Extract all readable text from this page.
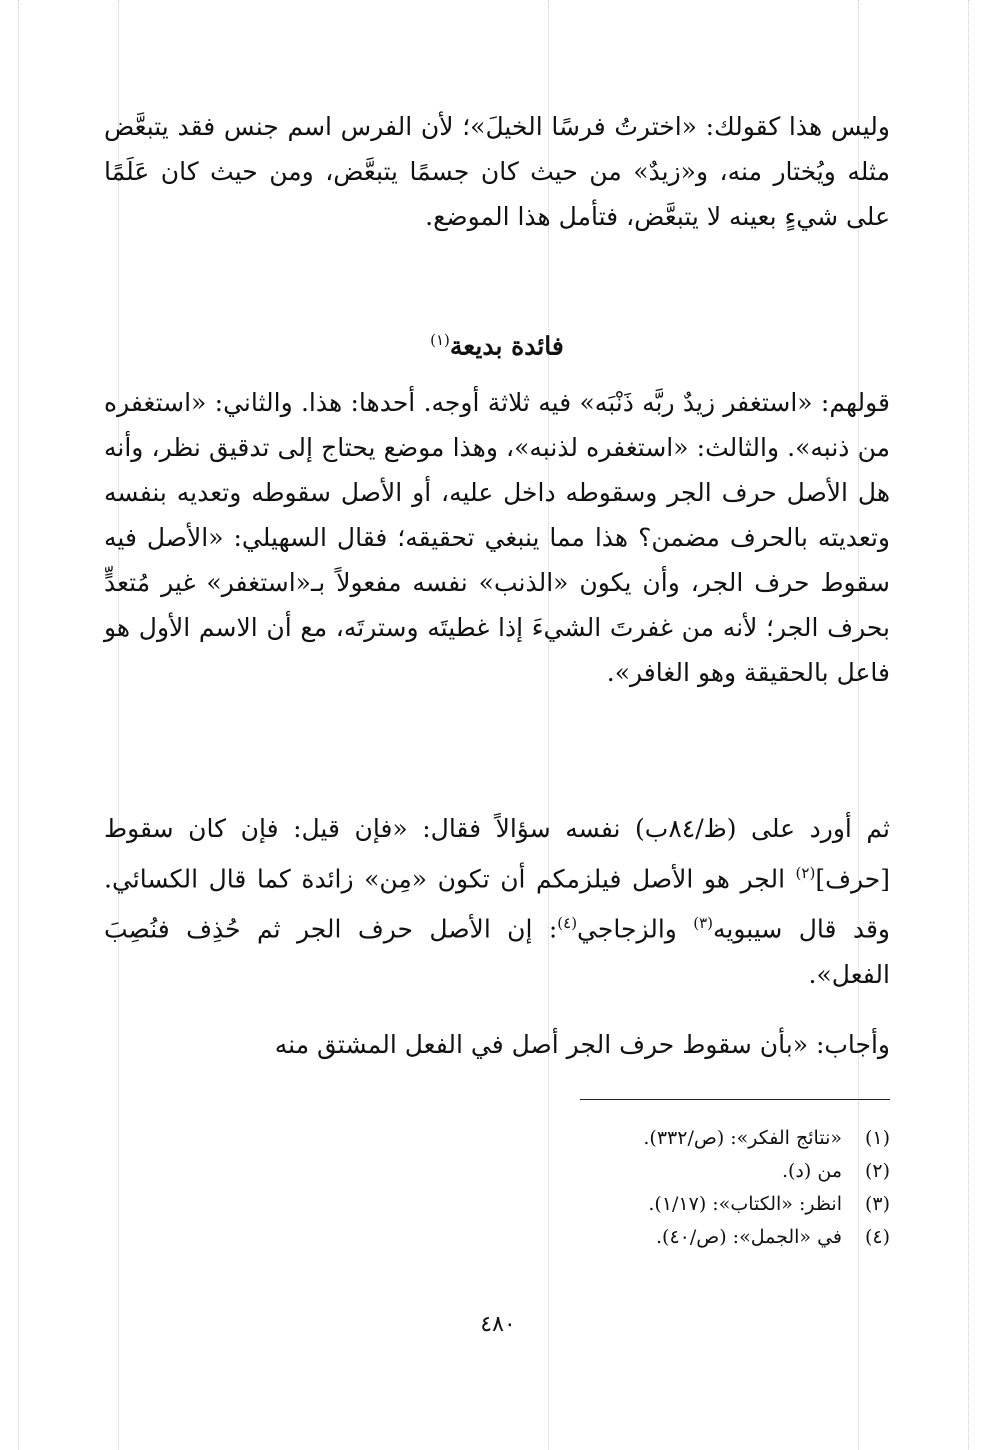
وليس هذا كقولك: «اخترتُ فرسًا الخيلَ»؛ لأن الفرس اسم جنس فقد يتبعَّض مثله ويُختار منه، و«زيدٌ» من حيث كان جسمًا يتبعَّض، ومن حيث كان عَلَمًا على شيءٍ بعينه لا يتبعَّض، فتأمل هذا الموضع.

فائدة بديعة$^{(١)}$

قولهم: «استغفر زيدٌ ربَّه ذَنْبَه» فيه ثلاثة أوجه. أحدها: هذا. والثاني: «استغفره من ذنبه». والثالث: «استغفره لذنبه»، وهذا موضع يحتاج إلى تدقيق نظر، وأنه هل الأصل حرف الجر وسقوطه داخل عليه، أو الأصل سقوطه وتعديه بنفسه وتعديته بالحرف مضمن؟ هذا مما ينبغي تحقيقه؛ فقال السهيلي: «الأصل فيه سقوط حرف الجر، وأن يكون «الذنب» نفسه مفعولاً بـ«استغفر» غير مُتعدٍّ بحرف الجر؛ لأنه من غفرتَ الشيءَ إذا غطيتَه وسترتَه، مع أن الاسم الأول هو فاعل بالحقيقة وهو الغافر».

ثم أورد على (ظ/٨٤ب) نفسه سؤالاً فقال: «فإن قيل: فإن كان سقوط [حرف]$^{(٢)}$ الجر هو الأصل فيلزمكم أن تكون «مِن» زائدة كما قال الكسائي. وقد قال سيبويه$^{(٣)}$ والزجاجي$^{(٤)}$: إن الأصل حرف الجر ثم حُذِف فنُصِبَ الفعل».

وأجاب: «بأن سقوط حرف الجر أصل في الفعل المشتق منه

(١)
«نتائج الفكر»: (ص/٣٣٢).
(٢)
من (د).
(٣)
انظر: «الكتاب»: (١/١٧).
(٤)
في «الجمل»: (ص/٤٠).
٤٨٠
